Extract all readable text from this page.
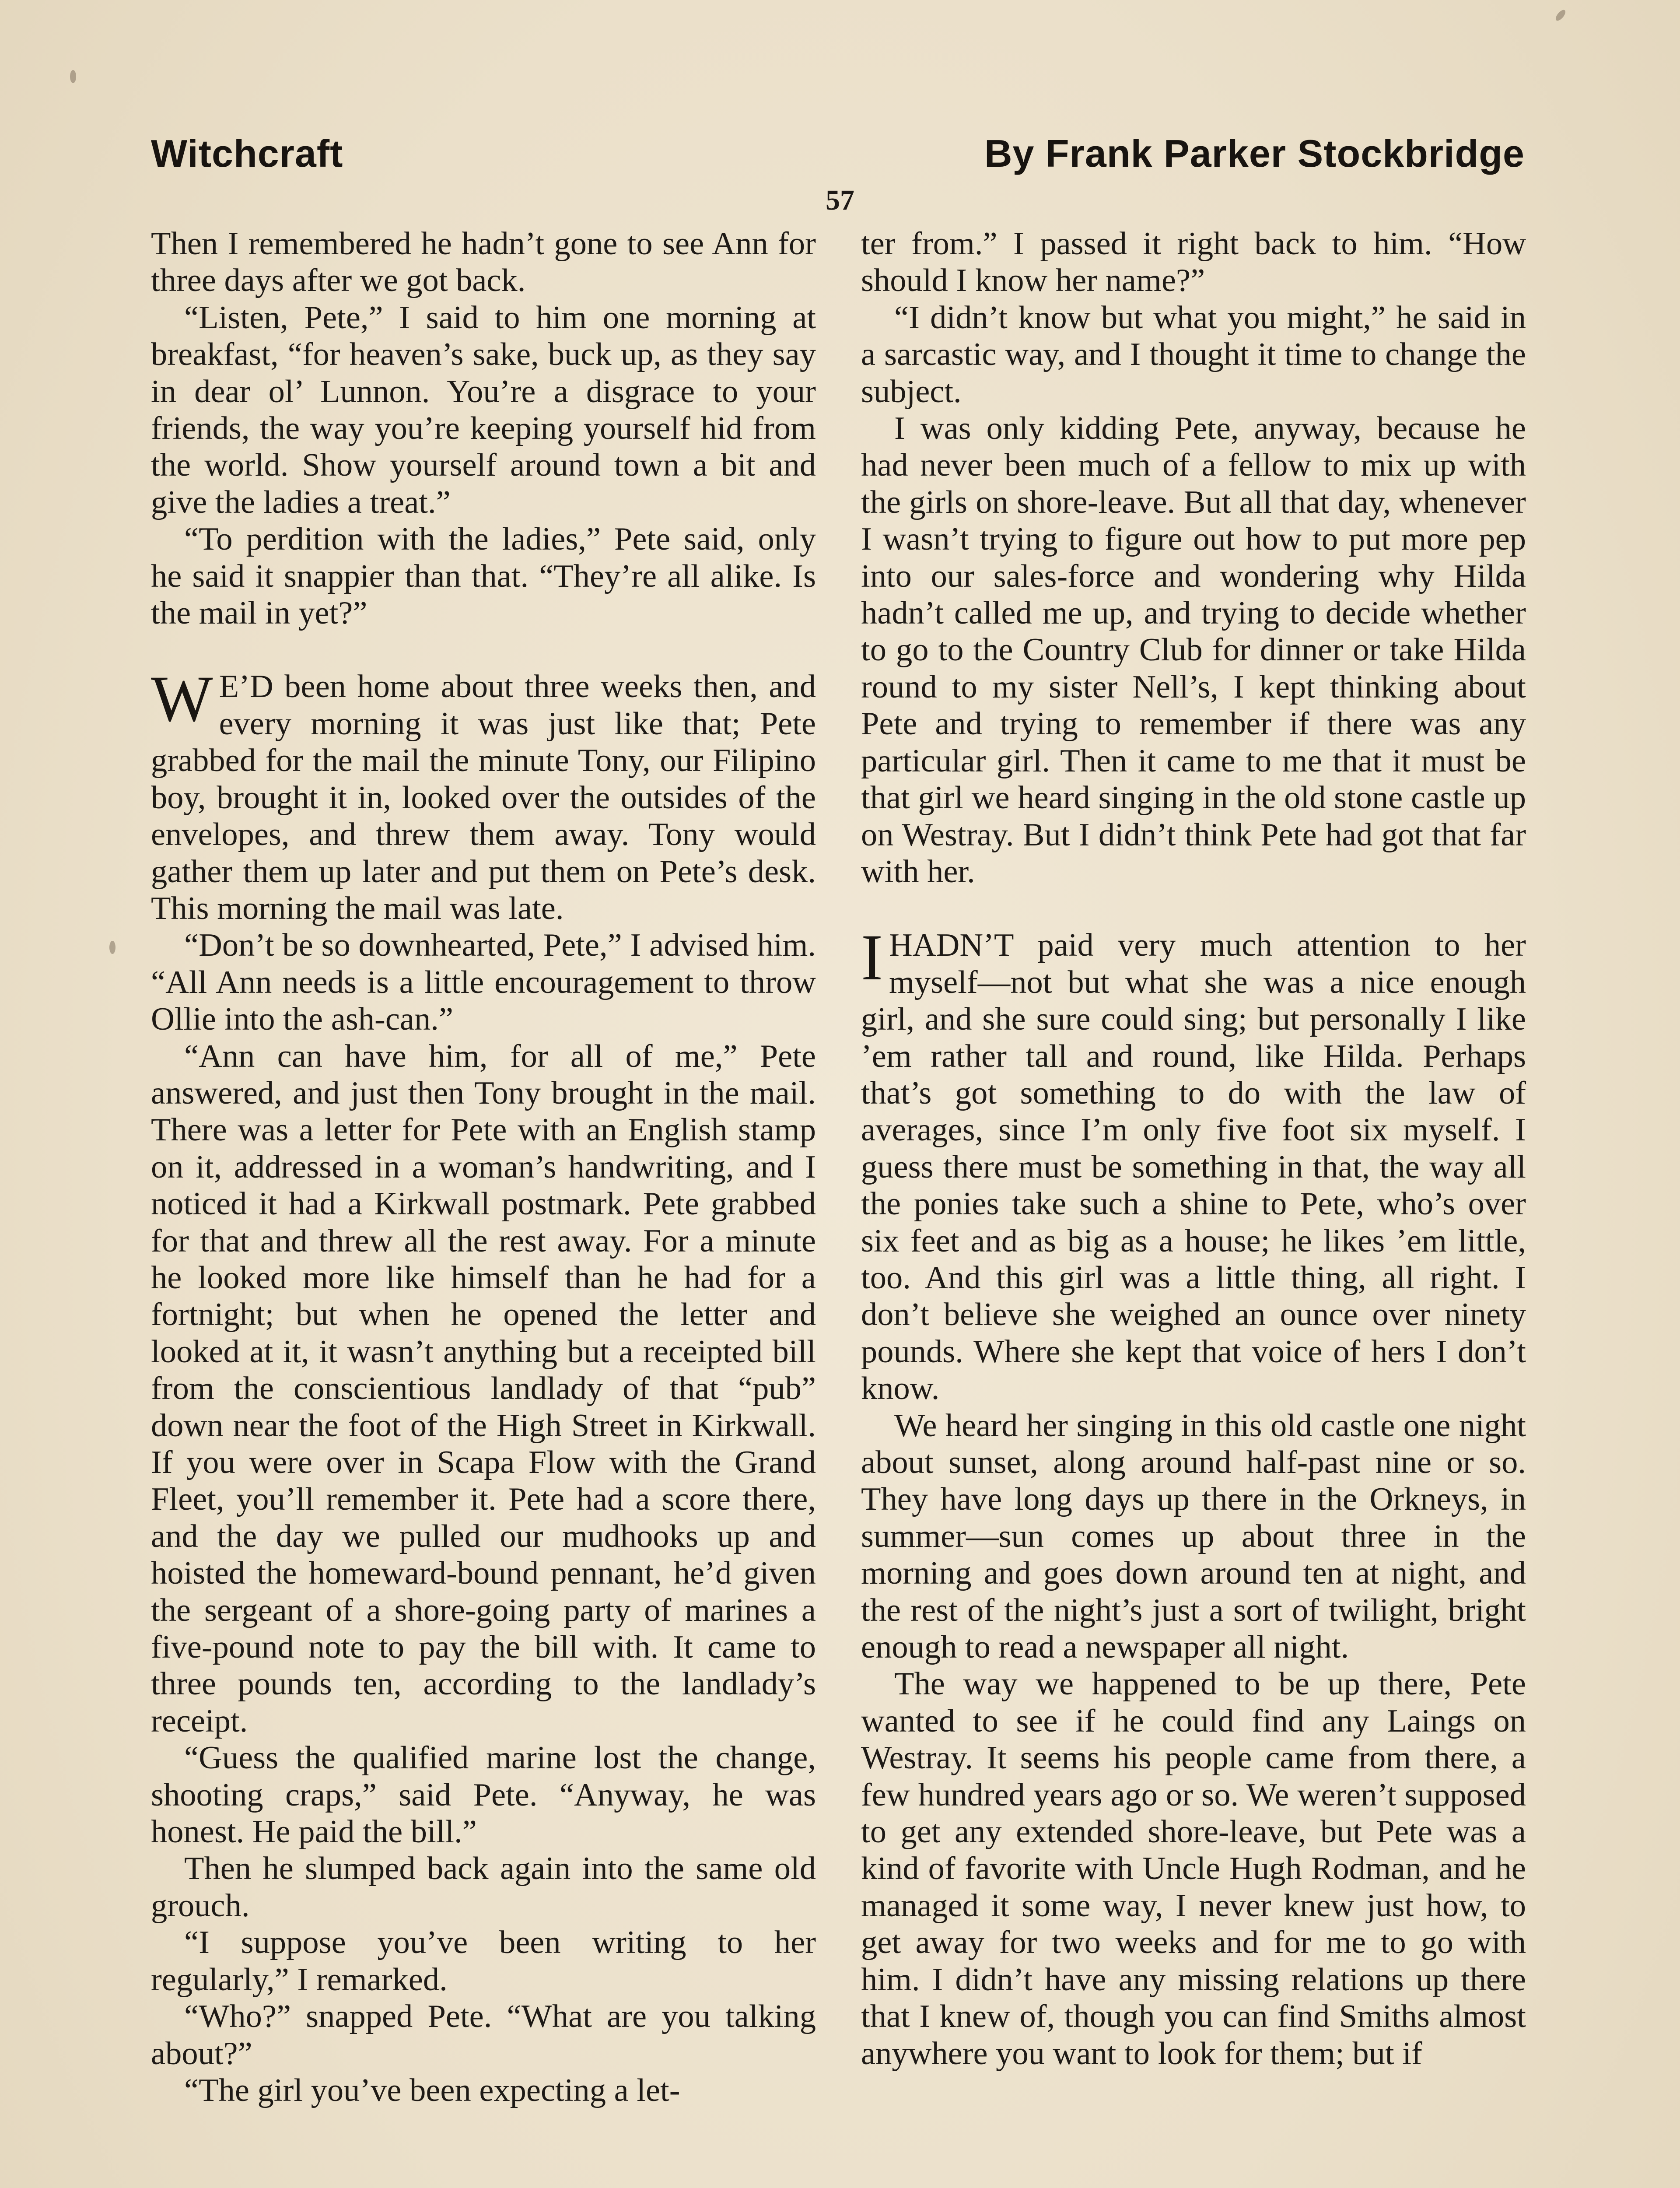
Witchcraft	By Frank Parker Stockbridge
57

Then I remembered he hadn’t gone to see Ann for three days after we got back.

“Listen, Pete,” I said to him one morning at breakfast, “for heaven’s sake, buck up, as they say in dear ol’ Lunnon. You’re a disgrace to your friends, the way you’re keeping yourself hid from the world. Show yourself around town a bit and give the ladies a treat.”

“To perdition with the ladies,” Pete said, only he said it snappier than that. “They’re all alike. Is the mail in yet?”

W E’D been home about three weeks then, and every morning it was just like that; Pete grabbed for the mail the minute Tony, our Filipino boy, brought it in, looked over the outsides of the envelopes, and threw them away. Tony would gather them up later and put them on Pete’s desk. This morning the mail was late.

“Don’t be so downhearted, Pete,” I advised him. “All Ann needs is a little encouragement to throw Ollie into the ash-can.”

“Ann can have him, for all of me,” Pete answered, and just then Tony brought in the mail. There was a letter for Pete with an English stamp on it, addressed in a woman’s handwriting, and I noticed it had a Kirkwall postmark. Pete grabbed for that and threw all the rest away. For a minute he looked more like himself than he had for a fortnight; but when he opened the letter and looked at it, it wasn’t anything but a receipted bill from the conscientious landlady of that “pub” down near the foot of the High Street in Kirkwall. If you were over in Scapa Flow with the Grand Fleet, you’ll remember it. Pete had a score there, and the day we pulled our mudhooks up and hoisted the homeward-bound pennant, he’d given the sergeant of a shore-going party of marines a five-pound note to pay the bill with. It came to three pounds ten, according to the landlady’s receipt.

“Guess the qualified marine lost the change, shooting craps,” said Pete. “Anyway, he was honest. He paid the bill.”

Then he slumped back again into the same old grouch.

“I suppose you’ve been writing to her regularly,” I remarked.

“Who?” snapped Pete. “What are you talking about?”

“The girl you’ve been expecting a let-

ter from.” I passed it right back to him. “How should I know her name?”

“I didn’t know but what you might,” he said in a sarcastic way, and I thought it time to change the subject.

I was only kidding Pete, anyway, because he had never been much of a fellow to mix up with the girls on shore-leave. But all that day, whenever I wasn’t trying to figure out how to put more pep into our sales-force and wondering why Hilda hadn’t called me up, and trying to decide whether to go to the Country Club for dinner or take Hilda round to my sister Nell’s, I kept thinking about Pete and trying to remember if there was any particular girl. Then it came to me that it must be that girl we heard singing in the old stone castle up on Westray. But I didn’t think Pete had got that far with her.

IHADN’T paid very much attention to her myself—not but what she was a nice enough girl, and she sure could sing; but personally I like ’em rather tall and round, like Hilda. Perhaps that’s got something to do with the law of averages, since I’m only five foot six myself. I guess there must be something in that, the way all the ponies take such a shine to Pete, who’s over six feet and as big as a house; he likes ’em little, too. And this girl was a little thing, all right. I don’t believe she weighed an ounce over ninety pounds. Where she kept that voice of hers I don’t know.

We heard her singing in this old castle one night about sunset, along around half-past nine or so. They have long days up there in the Orkneys, in summer—sun comes up about three in the morning and goes down around ten at night, and the rest of the night’s just a sort of twilight, bright enough to read a newspaper all night.

The way we happened to be up there, Pete wanted to see if he could find any Laings on Westray. It seems his people came from there, a few hundred years ago or so. We weren’t supposed to get any extended shore-leave, but Pete was a kind of favorite with Uncle Hugh Rodman, and he managed it some way, I never knew just how, to get away for two weeks and for me to go with him. I didn’t have any missing relations up there that I knew of, though you can find Smiths almost anywhere you want to look for them; but if
